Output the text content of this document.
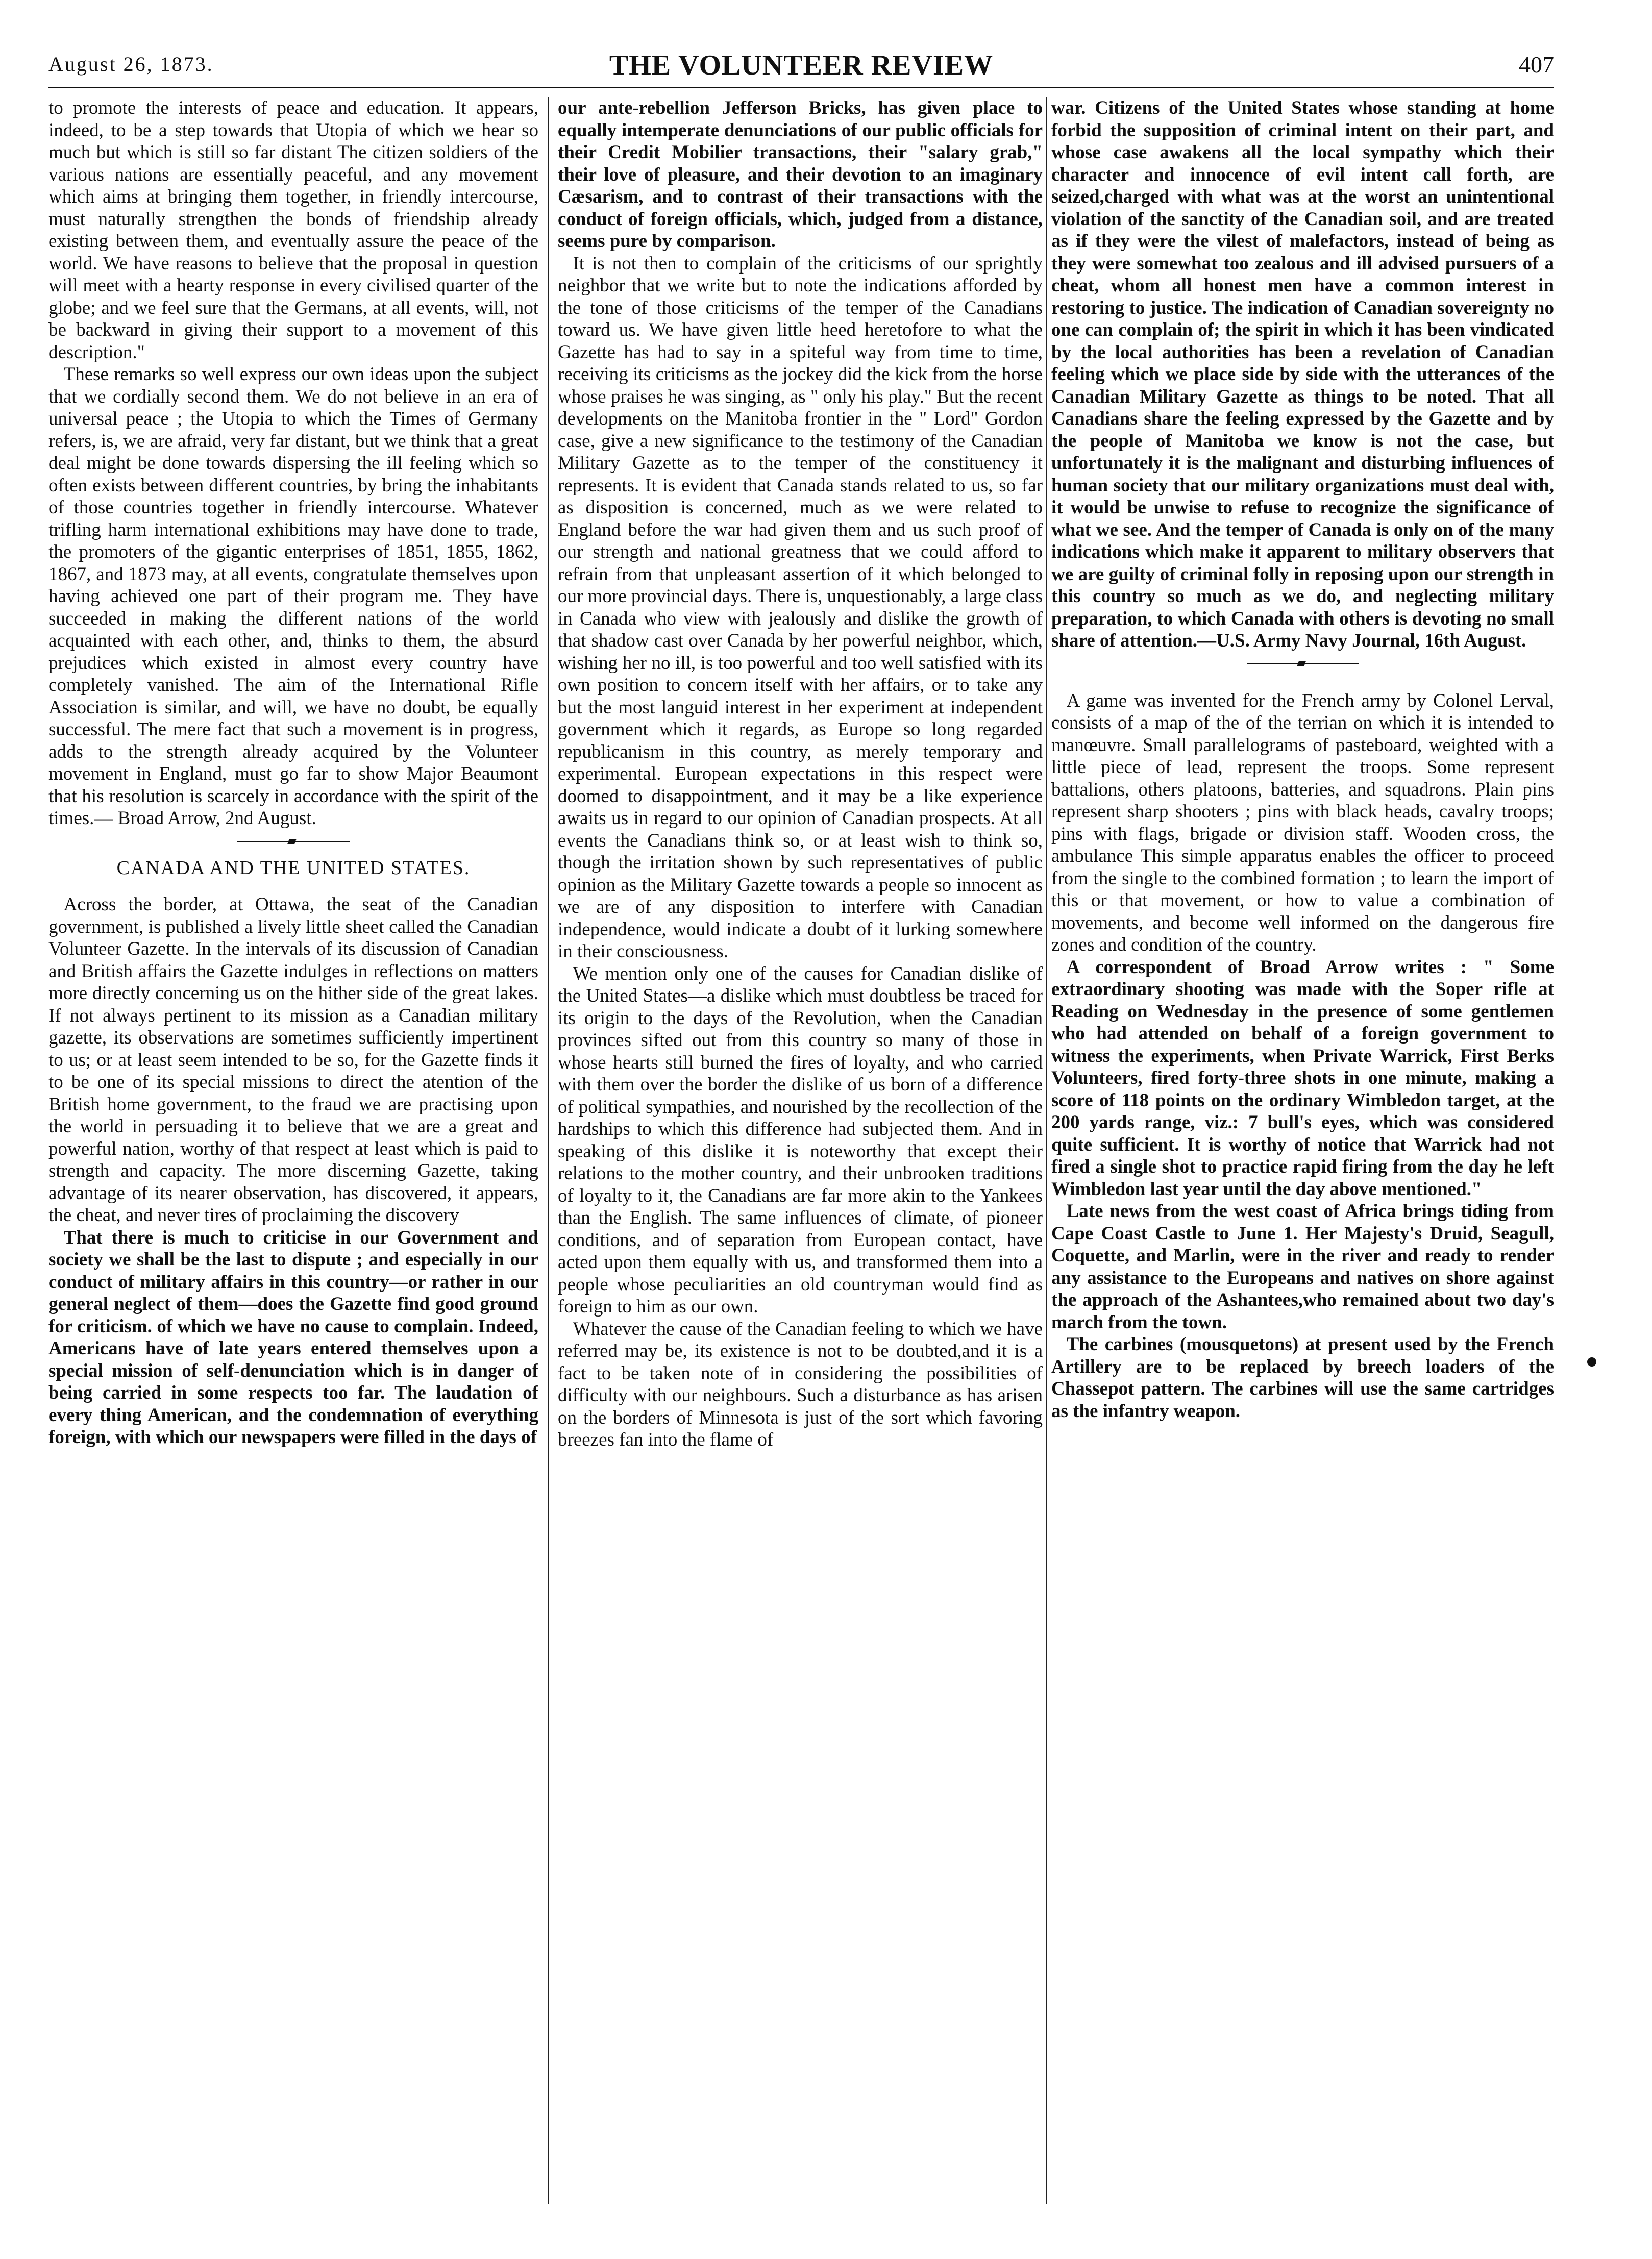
August 26, 1873.	THE VOLUNTEER REVIEW	407

to promote the interests of peace and education. It appears, indeed, to be a step towards that Utopia of which we hear so much but which is still so far distant The citizen soldiers of the various nations are essentially peaceful, and any movement which aims at bringing them together, in friendly intercourse, must naturally strengthen the bonds of friendship already existing between them, and eventually assure the peace of the world. We have reasons to believe that the proposal in question will meet with a hearty response in every civilised quarter of the globe; and we feel sure that the Germans, at all events, will, not be backward in giving their support to a movement of this description."

These remarks so well express our own ideas upon the subject that we cordially second them. We do not believe in an era of universal peace ; the Utopia to which the Times of Germany refers, is, we are afraid, very far distant, but we think that a great deal might be done towards dispersing the ill feeling which so often exists between different countries, by bring the inhabitants of those countries together in friendly intercourse. Whatever trifling harm international exhibitions may have done to trade, the promoters of the gigantic enterprises of 1851, 1855, 1862, 1867, and 1873 may, at all events, congratulate themselves upon having achieved one part of their program me. They have succeeded in making the different nations of the world acquainted with each other, and, thinks to them, the absurd prejudices which existed in almost every country have completely vanished. The aim of the International Rifle Association is similar, and will, we have no doubt, be equally successful. The mere fact that such a movement is in progress, adds to the strength already acquired by the Volunteer movement in England, must go far to show Major Beaumont that his resolution is scarcely in accordance with the spirit of the times.— Broad Arrow, 2nd August.

CANADA AND THE UNITED STATES.

Across the border, at Ottawa, the seat of the Canadian government, is published a lively little sheet called the Canadian Volunteer Gazette. In the intervals of its discussion of Canadian and British affairs the Gazette indulges in reflections on matters more directly concerning us on the hither side of the great lakes. If not always pertinent to its mission as a Canadian military gazette, its observations are sometimes sufficiently impertinent to us; or at least seem intended to be so, for the Gazette finds it to be one of its special missions to direct the atention of the British home government, to the fraud we are practising upon the world in persuading it to believe that we are a great and powerful nation, worthy of that respect at least which is paid to strength and capacity. The more discerning Gazette, taking advantage of its nearer observation, has discovered, it appears, the cheat, and never tires of proclaiming the discovery

That there is much to criticise in our Government and society we shall be the last to dispute ; and especially in our conduct of military affairs in this country—or rather in our general neglect of them—does the Gazette find good ground for criticism. of which we have no cause to complain. Indeed, Americans have of late years entered themselves upon a special mission of self-denunciation which is in danger of being carried in some respects too far. The laudation of every thing American, and the condemnation of everything foreign, with which our newspapers were filled in the days of

our ante-rebellion Jefferson Bricks, has given place to equally intemperate denunciations of our public officials for their Credit Mobilier transactions, their "salary grab," their love of pleasure, and their devotion to an imaginary Cæsarism, and to contrast of their transactions with the conduct of foreign officials, which, judged from a distance, seems pure by comparison.

It is not then to complain of the criticisms of our sprightly neighbor that we write but to note the indications afforded by the tone of those criticisms of the temper of the Canadians toward us. We have given little heed heretofore to what the Gazette has had to say in a spiteful way from time to time, receiving its criticisms as the jockey did the kick from the horse whose praises he was singing, as " only his play." But the recent developments on the Manitoba frontier in the " Lord" Gordon case, give a new significance to the testimony of the Canadian Military Gazette as to the temper of the constituency it represents. It is evident that Canada stands related to us, so far as disposition is concerned, much as we were related to England before the war had given them and us such proof of our strength and national greatness that we could afford to refrain from that unpleasant assertion of it which belonged to our more provincial days. There is, unquestionably, a large class in Canada who view with jealously and dislike the growth of that shadow cast over Canada by her powerful neighbor, which, wishing her no ill, is too powerful and too well satisfied with its own position to concern itself with her affairs, or to take any but the most languid interest in her experiment at independent government which it regards, as Europe so long regarded republicanism in this country, as merely temporary and experimental. European expectations in this respect were doomed to disappointment, and it may be a like experience awaits us in regard to our opinion of Canadian prospects. At all events the Canadians think so, or at least wish to think so, though the irritation shown by such representatives of public opinion as the Military Gazette towards a people so innocent as we are of any disposition to interfere with Canadian independence, would indicate a doubt of it lurking somewhere in their consciousness.

We mention only one of the causes for Canadian dislike of the United States—a dislike which must doubtless be traced for its origin to the days of the Revolution, when the Canadian provinces sifted out from this country so many of those in whose hearts still burned the fires of loyalty, and who carried with them over the border the dislike of us born of a difference of political sympathies, and nourished by the recollection of the hardships to which this difference had subjected them. And in speaking of this dislike it is noteworthy that except their relations to the mother country, and their unbrooken traditions of loyalty to it, the Canadians are far more akin to the Yankees than the English. The same influences of climate, of pioneer conditions, and of separation from European contact, have acted upon them equally with us, and transformed them into a people whose peculiarities an old countryman would find as foreign to him as our own.

Whatever the cause of the Canadian feeling to which we have referred may be, its existence is not to be doubted,and it is a fact to be taken note of in considering the possibilities of difficulty with our neighbours. Such a disturbance as has arisen on the borders of Minnesota is just of the sort which favoring breezes fan into the flame of

war. Citizens of the United States whose standing at home forbid the supposition of criminal intent on their part, and whose case awakens all the local sympathy which their character and innocence of evil intent call forth, are seized,charged with what was at the worst an unintentional violation of the sanctity of the Canadian soil, and are treated as if they were the vilest of malefactors, instead of being as they were somewhat too zealous and ill advised pursuers of a cheat, whom all honest men have a common interest in restoring to justice. The indication of Canadian sovereignty no one can complain of; the spirit in which it has been vindicated by the local authorities has been a revelation of Canadian feeling which we place side by side with the utterances of the Canadian Military Gazette as things to be noted. That all Canadians share the feeling expressed by the Gazette and by the people of Manitoba we know is not the case, but unfortunately it is the malignant and disturbing influences of human society that our military organizations must deal with, it would be unwise to refuse to recognize the significance of what we see. And the temper of Canada is only on of the many indications which make it apparent to military observers that we are guilty of criminal folly in reposing upon our strength in this country so much as we do, and neglecting military preparation, to which Canada with others is devoting no small share of attention.—U.S. Army Navy Journal, 16th August.

A game was invented for the French army by Colonel Lerval, consists of a map of the of the terrian on which it is intended to manœuvre. Small parallelograms of pasteboard, weighted with a little piece of lead, represent the troops. Some represent battalions, others platoons, batteries, and squadrons. Plain pins represent sharp shooters ; pins with black heads, cavalry troops; pins with flags, brigade or division staff. Wooden cross, the ambulance This simple apparatus enables the officer to proceed from the single to the combined formation ; to learn the import of this or that movement, or how to value a combination of movements, and become well informed on the dangerous fire zones and condition of the country.

A correspondent of Broad Arrow writes : " Some extraordinary shooting was made with the Soper rifle at Reading on Wednesday in the presence of some gentlemen who had attended on behalf of a foreign government to witness the experiments, when Private Warrick, First Berks Volunteers, fired forty-three shots in one minute, making a score of 118 points on the ordinary Wimbledon target, at the 200 yards range, viz.: 7 bull's eyes, which was considered quite sufficient. It is worthy of notice that Warrick had not fired a single shot to practice rapid firing from the day he left Wimbledon last year until the day above mentioned."

Late news from the west coast of Africa brings tiding from Cape Coast Castle to June 1. Her Majesty's Druid, Seagull, Coquette, and Marlin, were in the river and ready to render any assistance to the Europeans and natives on shore against the approach of the Ashantees,who remained about two day's march from the town.

The carbines (mousquetons) at present used by the French Artillery are to be replaced by breech loaders of the Chassepot pattern. The carbines will use the same cartridges as the infantry weapon.
